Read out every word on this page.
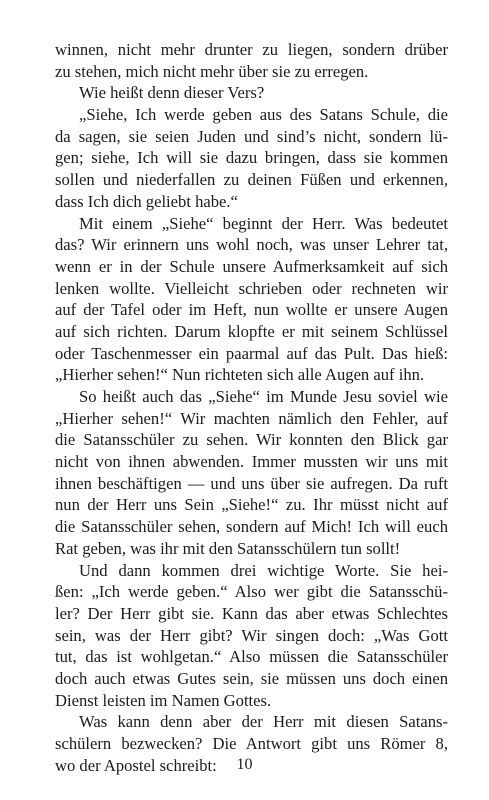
winnen, nicht mehr drunter zu liegen, sondern drüber
zu stehen, mich nicht mehr über sie zu erregen.
Wie heißt denn dieser Vers?
„Siehe, Ich werde geben aus des Satans Schule, die
da sagen, sie seien Juden und sind’s nicht, sondern lü-
gen; siehe, Ich will sie dazu bringen, dass sie kommen
sollen und niederfallen zu deinen Füßen und erkennen,
dass Ich dich geliebt habe.“
Mit einem „Siehe“ beginnt der Herr. Was bedeutet
das? Wir erinnern uns wohl noch, was unser Lehrer tat,
wenn er in der Schule unsere Aufmerksamkeit auf sich
lenken wollte. Vielleicht schrieben oder rechneten wir
auf der Tafel oder im Heft, nun wollte er unsere Augen
auf sich richten. Darum klopfte er mit seinem Schlüssel
oder Taschenmesser ein paarmal auf das Pult. Das hieß:
„Hierher sehen!“ Nun richteten sich alle Augen auf ihn.
So heißt auch das „Siehe“ im Munde Jesu soviel wie
„Hierher sehen!“ Wir machten nämlich den Fehler, auf
die Satansschüler zu sehen. Wir konnten den Blick gar
nicht von ihnen abwenden. Immer mussten wir uns mit
ihnen beschäftigen — und uns über sie aufregen. Da ruft
nun der Herr uns Sein „Siehe!“ zu. Ihr müsst nicht auf
die Satansschüler sehen, sondern auf Mich! Ich will euch
Rat geben, was ihr mit den Satansschülern tun sollt!
Und dann kommen drei wichtige Worte. Sie hei-
ßen: „Ich werde geben.“ Also wer gibt die Satansschü-
ler? Der Herr gibt sie. Kann das aber etwas Schlechtes
sein, was der Herr gibt? Wir singen doch: „Was Gott
tut, das ist wohlgetan.“ Also müssen die Satansschüler
doch auch etwas Gutes sein, sie müssen uns doch einen
Dienst leisten im Namen Gottes.
Was kann denn aber der Herr mit diesen Satans-
schülern bezwecken? Die Antwort gibt uns Römer 8,
wo der Apostel schreibt:	10
